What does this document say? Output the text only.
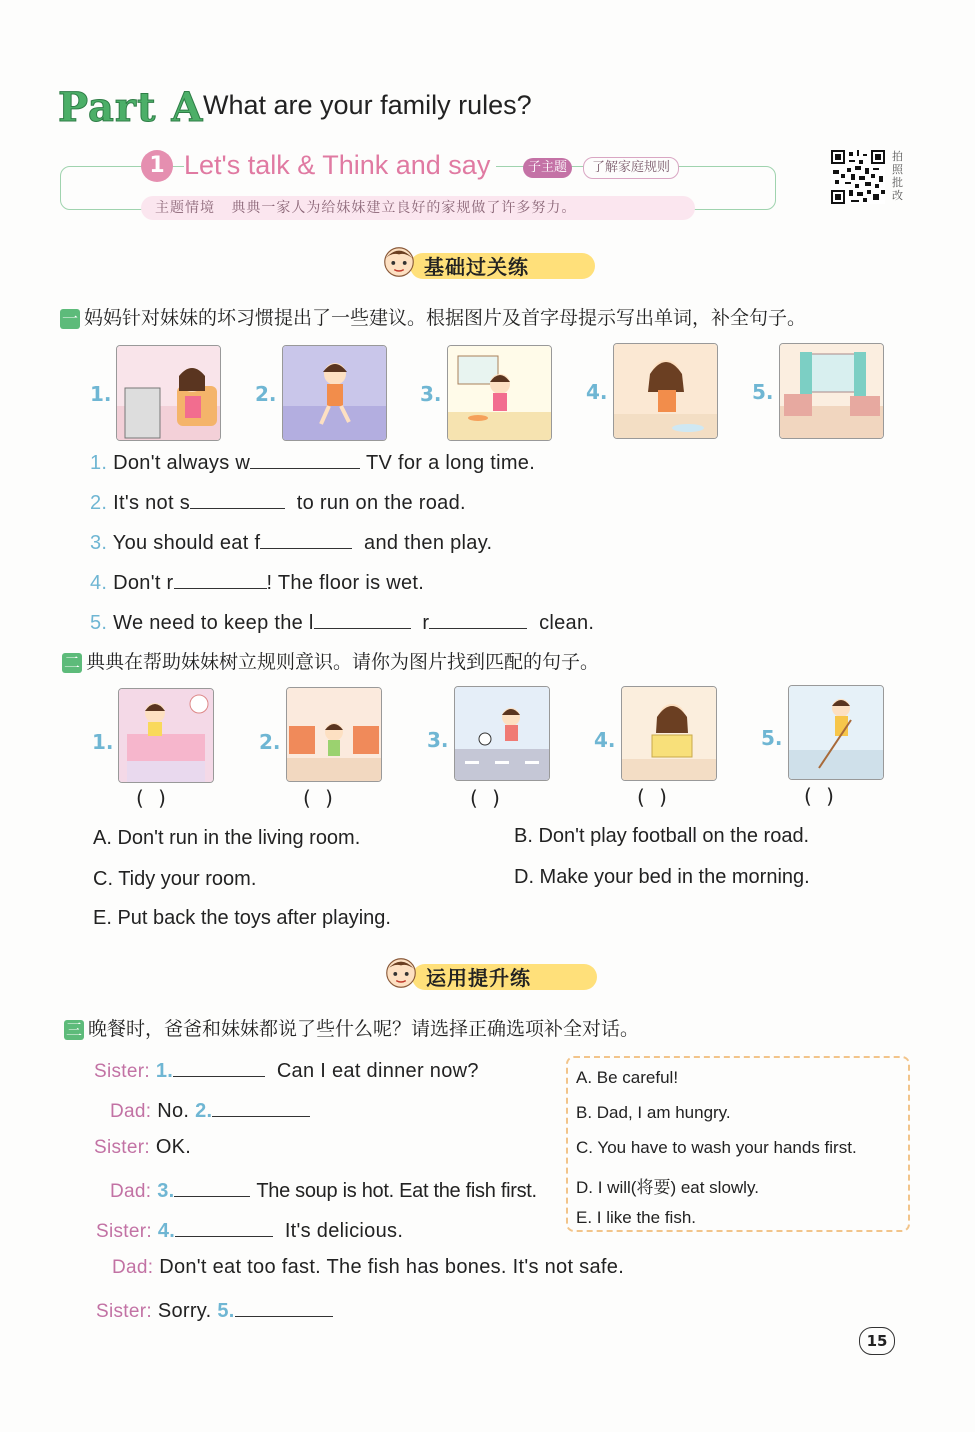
Part A What are your family rules?
1 Let's talk & Think and say	子主题	了解家庭规则
主题情境 典典一家人为给妹妹建立良好的家规做了许多努力。
拍照批改
基础过关练
一 妈妈针对妹妹的坏习惯提出了一些建议。根据图片及首字母提示写出单词，补全句子。
1.	2.	3.	4.	5.
1. Don't always w	TV for a long time.
2. It's not s	to run on the road.
3. You should eat f	and then play.
4. Don't r	! The floor is wet.
5. We need to keep the l	r	clean.
二 典典在帮助妹妹树立规则意识。请你为图片找到匹配的句子。
1.	2.	3.	4.	5.
( )	( )	( )	( )	( )
A. Don't run in the living room.	B. Don't play football on the road.
C. Tidy your room.	D. Make your bed in the morning.
E. Put back the toys after playing.
运用提升练
三 晚餐时，爸爸和妹妹都说了些什么呢？请选择正确选项补全对话。
Sister: 1.	Can I eat dinner now?
Dad: No. 2.
Sister: OK.
Dad: 3.	The soup is hot. Eat the fish first.
Sister: 4.	It's delicious.
Dad: Don't eat too fast. The fish has bones. It's not safe.
Sister: Sorry. 5.
A. Be careful!
B. Dad, I am hungry.
C. You have to wash your hands first.
D. I will(将要) eat slowly.
E. I like the fish.
15
